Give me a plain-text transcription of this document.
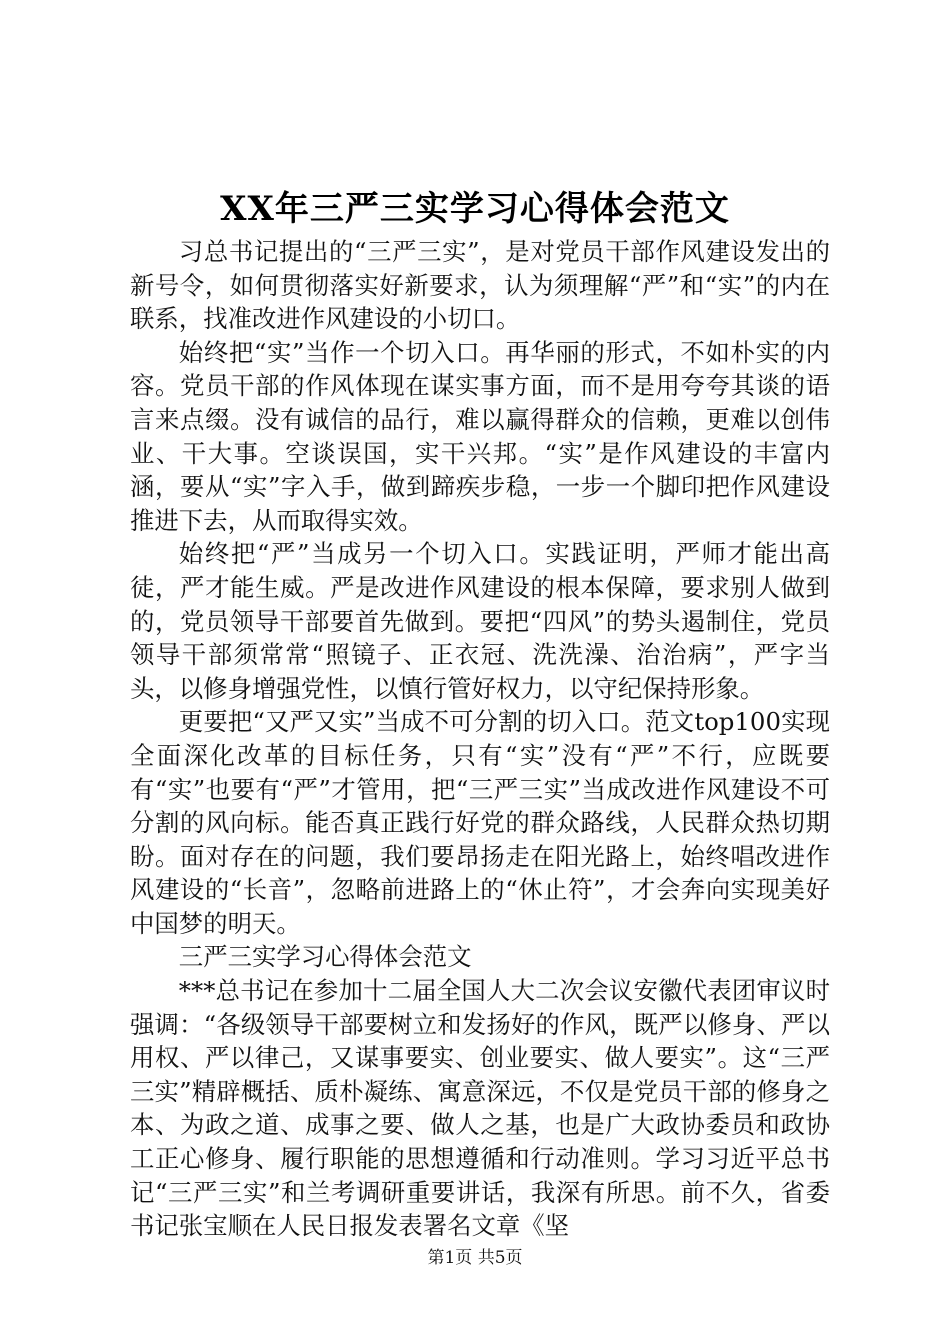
XX年三严三实学习心得体会范文

习总书记提出的“三严三实”，是对党员干部作风建设发出的新号令，如何贯彻落实好新要求，认为须理解“严”和“实”的内在联系，找准改进作风建设的小切口。

始终把“实”当作一个切入口。再华丽的形式，不如朴实的内容。党员干部的作风体现在谋实事方面，而不是用夸夸其谈的语言来点缀。没有诚信的品行，难以赢得群众的信赖，更难以创伟业、干大事。空谈误国，实干兴邦。“实”是作风建设的丰富内涵，要从“实”字入手，做到蹄疾步稳，一步一个脚印把作风建设推进下去，从而取得实效。

始终把“严”当成另一个切入口。实践证明，严师才能出高徒，严才能生威。严是改进作风建设的根本保障，要求别人做到的，党员领导干部要首先做到。要把“四风”的势头遏制住，党员领导干部须常常“照镜子、正衣冠、洗洗澡、治治病”，严字当头，以修身增强党性，以慎行管好权力，以守纪保持形象。

更要把“又严又实”当成不可分割的切入口。范文top100实现全面深化改革的目标任务，只有“实”没有“严”不行，应既要有“实”也要有“严”才管用，把“三严三实”当成改进作风建设不可分割的风向标。能否真正践行好党的群众路线，人民群众热切期盼。面对存在的问题，我们要昂扬走在阳光路上，始终唱改进作风建设的“长音”，忽略前进路上的“休止符”，才会奔向实现美好中国梦的明天。

三严三实学习心得体会范文

***总书记在参加十二届全国人大二次会议安徽代表团审议时强调：“各级领导干部要树立和发扬好的作风，既严以修身、严以用权、严以律己，又谋事要实、创业要实、做人要实”。这“三严三实”精辟概括、质朴凝练、寓意深远，不仅是党员干部的修身之本、为政之道、成事之要、做人之基，也是广大政协委员和政协工正心修身、履行职能的思想遵循和行动准则。学习习近平总书记“三严三实”和兰考调研重要讲话，我深有所思。前不久，省委书记张宝顺在人民日报发表署名文章《坚

第1页 共5页
